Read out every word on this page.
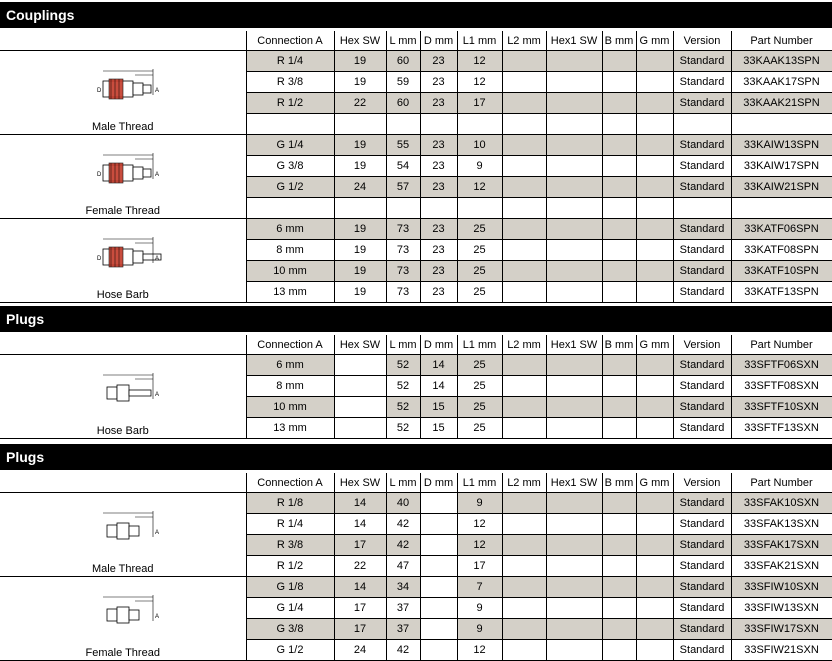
Couplings
	Connection A	Hex SW	L mm	D mm	L1 mm	L2 mm	Hex1 SW	B mm	G mm	Version	Part Number

D A
Male Thread	R 1/4	19	60	23	12					Standard	33KAAK13SPN
	R 3/8	19	59	23	12					Standard	33KAAK17SPN
	R 1/2	22	60	23	17					Standard	33KAAK21SPN

D A
Female Thread	G 1/4	19	55	23	10					Standard	33KAIW13SPN
	G 3/8	19	54	23	9					Standard	33KAIW17SPN
	G 1/2	24	57	23	12					Standard	33KAIW21SPN

D A
Hose Barb	6 mm	19	73	23	25					Standard	33KATF06SPN
	8 mm	19	73	23	25					Standard	33KATF08SPN
	10 mm	19	73	23	25					Standard	33KATF10SPN
	13 mm	19	73	23	25					Standard	33KATF13SPN
Plugs
	Connection A	Hex SW	L mm	D mm	L1 mm	L2 mm	Hex1 SW	B mm	G mm	Version	Part Number

A
Hose Barb	6 mm		52	14	25					Standard	33SFTF06SXN
	8 mm		52	14	25					Standard	33SFTF08SXN
	10 mm		52	15	25					Standard	33SFTF10SXN
	13 mm		52	15	25					Standard	33SFTF13SXN
Plugs
	Connection A	Hex SW	L mm	D mm	L1 mm	L2 mm	Hex1 SW	B mm	G mm	Version	Part Number

A
Male Thread	R 1/8	14	40		9					Standard	33SFAK10SXN
	R 1/4	14	42		12					Standard	33SFAK13SXN
	R 3/8	17	42		12					Standard	33SFAK17SXN
	R 1/2	22	47		17					Standard	33SFAK21SXN

A
Female Thread	G 1/8	14	34		7					Standard	33SFIW10SXN
	G 1/4	17	37		9					Standard	33SFIW13SXN
	G 3/8	17	37		9					Standard	33SFIW17SXN
	G 1/2	24	42		12					Standard	33SFIW21SXN
